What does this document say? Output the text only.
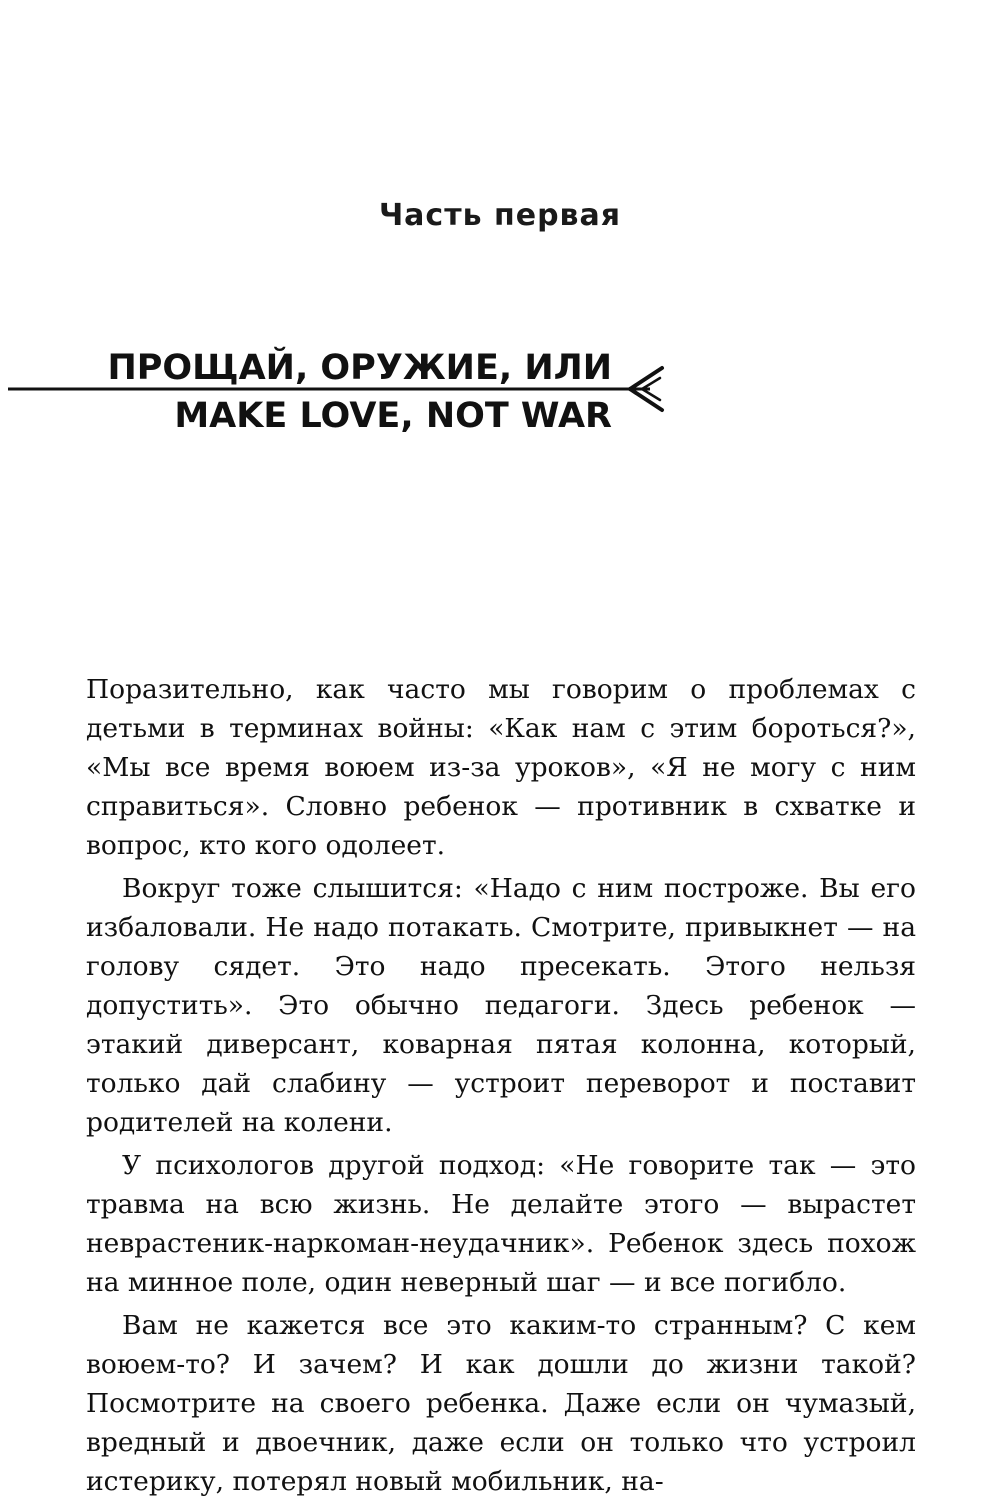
Часть первая
ПРОЩАЙ, ОРУЖИЕ, ИЛИ
MAKE LOVE, NOT WAR

Поразительно, как часто мы говорим о проблемах с детьми в терминах войны: «Как нам с этим бороться?», «Мы все время воюем из-за уроков», «Я не могу с ним справиться». Словно ребенок — противник в схватке и вопрос, кто кого одолеет.

Вокруг тоже слышится: «Надо с ним построже. Вы его избаловали. Не надо потакать. Смотрите, привыкнет — на голову сядет. Это надо пресекать. Этого нельзя допустить». Это обычно педагоги. Здесь ребенок — этакий диверсант, коварная пятая колонна, который, только дай слабину — устроит переворот и поставит родителей на колени.

У психологов другой подход: «Не говорите так — это травма на всю жизнь. Не делайте этого — вырастет неврастеник-наркоман-неудачник». Ребенок здесь похож на минное поле, один неверный шаг — и все погибло.

Вам не кажется все это каким-то странным? С кем воюем-то? И зачем? И как дошли до жизни такой? Посмотрите на своего ребенка. Даже если он чумазый, вредный и двоечник, даже если он только что устроил истерику, потерял новый мобильник, на-
